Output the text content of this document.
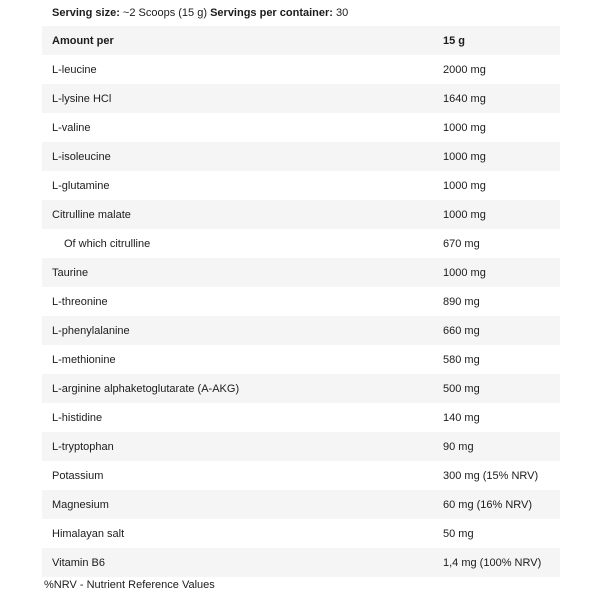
Serving size: ~2 Scoops (15 g) Servings per container: 30
Amount per	15 g
L-leucine	2000 mg
L-lysine HCl	1640 mg
L-valine	1000 mg
L-isoleucine	1000 mg
L-glutamine	1000 mg
Citrulline malate	1000 mg
Of which citrulline	670 mg
Taurine	1000 mg
L-threonine	890 mg
L-phenylalanine	660 mg
L-methionine	580 mg
L-arginine alphaketoglutarate (A-AKG)	500 mg
L-histidine	140 mg
L-tryptophan	90 mg
Potassium	300 mg (15% NRV)
Magnesium	60 mg (16% NRV)
Himalayan salt	50 mg
Vitamin B6	1,4 mg (100% NRV)
%NRV - Nutrient Reference Values
